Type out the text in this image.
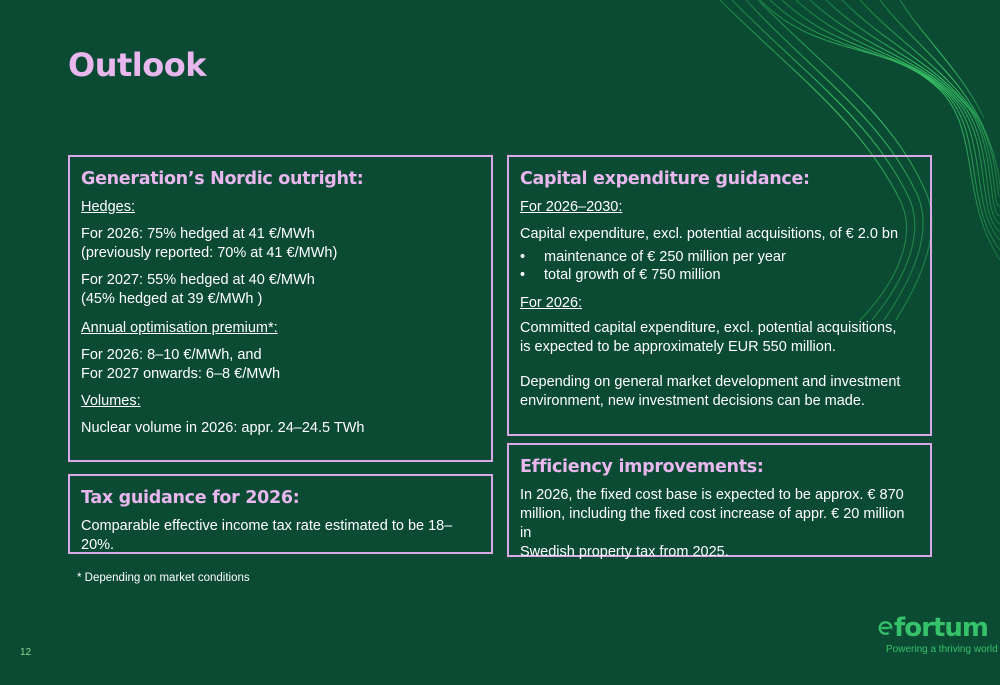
Outlook
Generation’s Nordic outright:

Hedges:

For 2026: 75% hedged at 41 €/MWh

(previously reported: 70% at 41 €/MWh)

For 2027: 55% hedged at 40 €/MWh

(45% hedged at 39 €/MWh )

Annual optimisation premium*:

For 2026: 8–10 €/MWh, and

For 2027 onwards: 6–8 €/MWh

Volumes:

Nuclear volume in 2026: appr. 24–24.5 TWh

Tax guidance for 2026:

Comparable effective income tax rate estimated to be 18–20%.

Capital expenditure guidance:

For 2026–2030:

Capital expenditure, excl. potential acquisitions, of € 2.0 bn

• maintenance of € 250 million per year
• total growth of € 750 million

For 2026:

Committed capital expenditure, excl. potential acquisitions,

is expected to be approximately EUR 550 million.

Depending on general market development and investment

environment, new investment decisions can be made.

Efficiency improvements:

In 2026, the fixed cost base is expected to be approx. € 870

million, including the fixed cost increase of appr. € 20 million in

Swedish property tax from 2025.

* Depending on market conditions
12
fortum
Powering a thriving world
